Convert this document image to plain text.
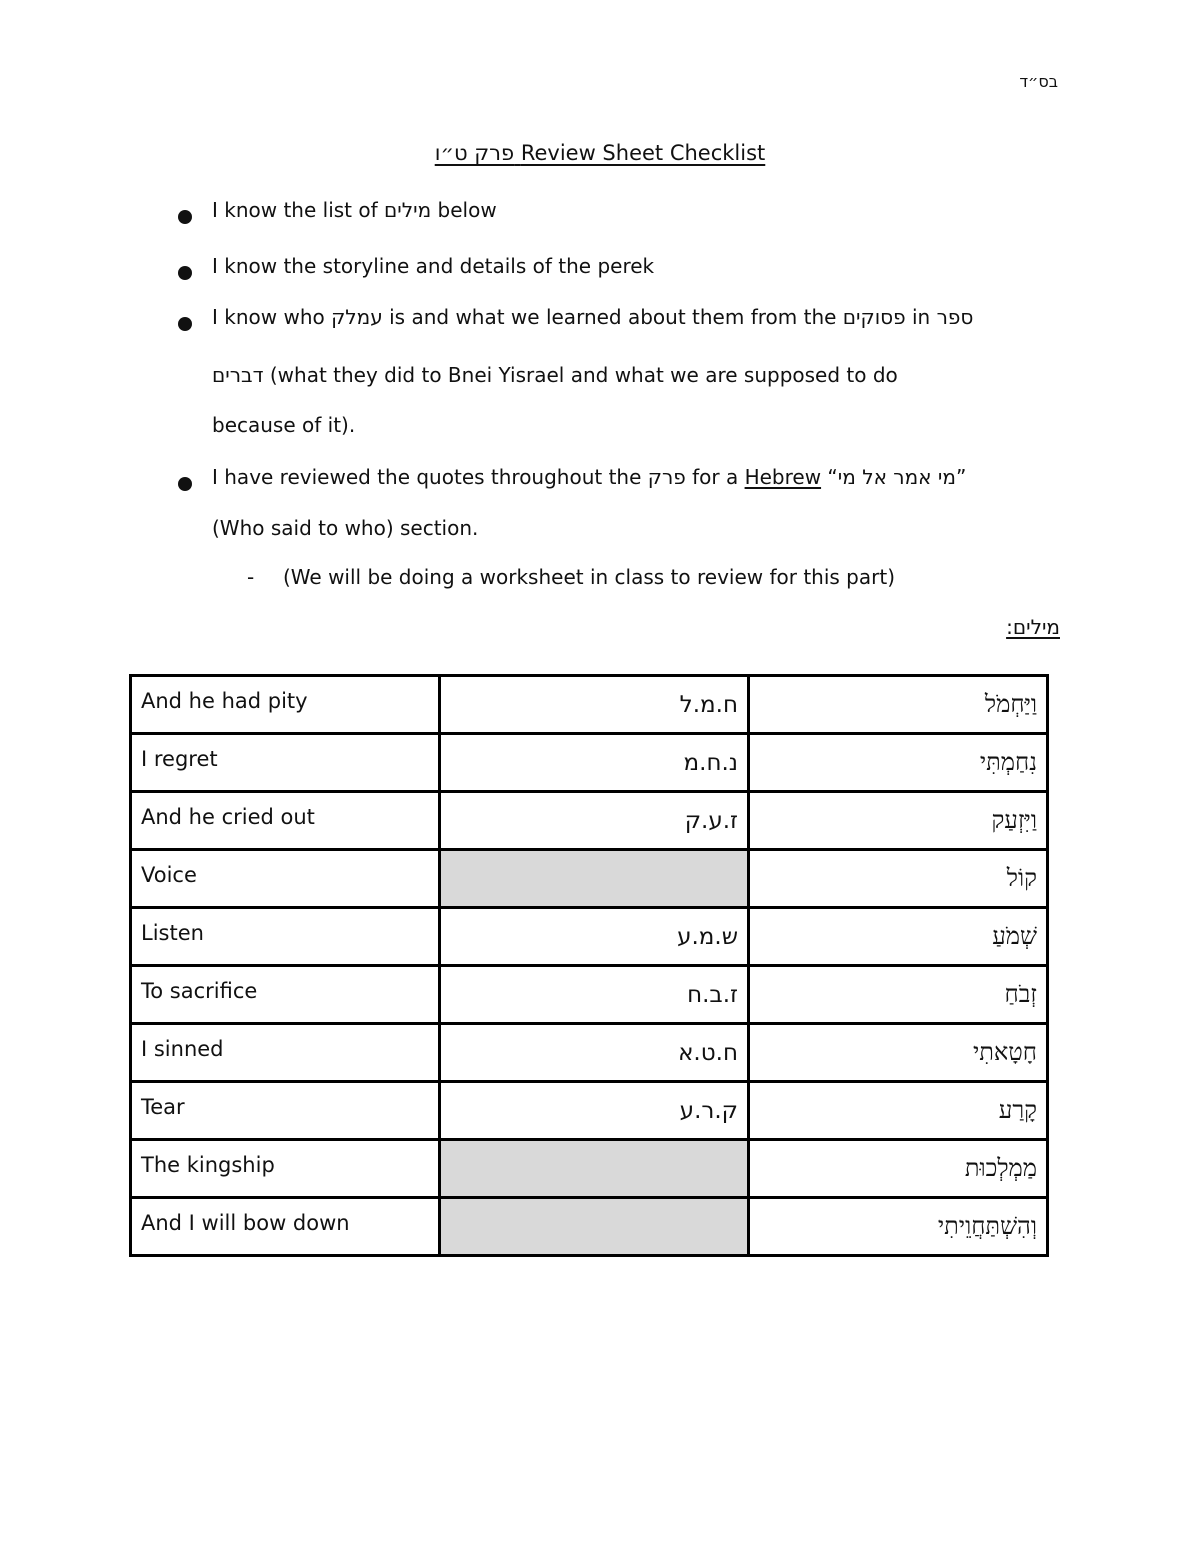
בס״ד
פרק ט״ו Review Sheet Checklist
I know the list of מילים below
I know the storyline and details of the perek
I know who עמלק is and what we learned about them from the פסוקים in ספר
דברים (what they did to Bnei Yisrael and what we are supposed to do
because of it).
I have reviewed the quotes throughout the פרק for a Hebrew “מי אמר אל מי”
(Who said to who) section.
- (We will be doing a worksheet in class to review for this part)
מילים:
And he had pity	ח.מ.ל	וַיַּחְמֹל
I regret	נ.ח.מ	נִחַמְתִּי
And he cried out	ז.ע.ק	וַיִּזְעַק
Voice		קוֹל
Listen	ש.מ.ע	שְׁמֹעַ
To sacrifice	ז.ב.ח	זְבֹחַ
I sinned	ח.ט.א	חָטָאתִי
Tear	ק.ר.ע	קָרַע
The kingship		מַמְלְכוּת
And I will bow down		וְהִשְׁתַּחֲוֵיתִי
